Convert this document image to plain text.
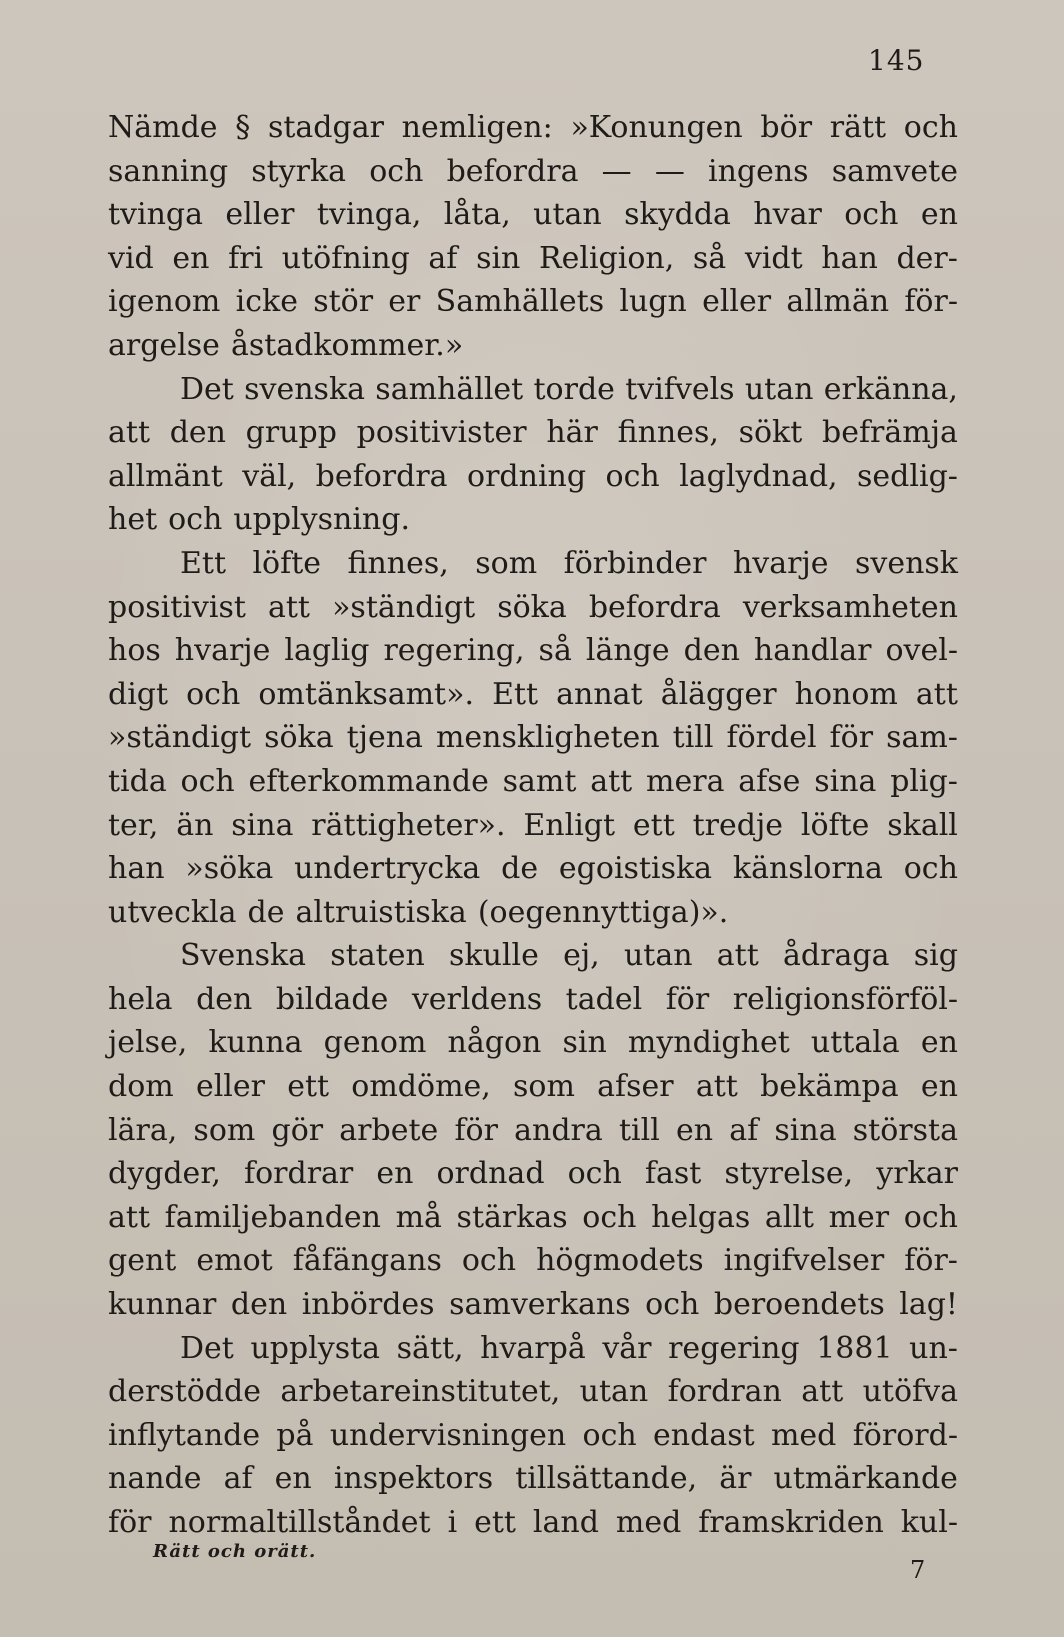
145
Nämde § stadgar nemligen: »Konungen bör rätt och
sanning styrka och befordra — — ingens samvete
tvinga eller tvinga, låta, utan skydda hvar och en
vid en fri utöfning af sin Religion, så vidt han der-
igenom icke stör er Samhällets lugn eller allmän för-
argelse åstadkommer.»
Det svenska samhället torde tvifvels utan erkänna,
att den grupp positivister här finnes, sökt befrämja
allmänt väl, befordra ordning och laglydnad, sedlig-
het och upplysning.
Ett löfte finnes, som förbinder hvarje svensk
positivist att »ständigt söka befordra verksamheten
hos hvarje laglig regering, så länge den handlar ovel-
digt och omtänksamt». Ett annat ålägger honom att
»ständigt söka tjena menskligheten till fördel för sam-
tida och efterkommande samt att mera afse sina plig-
ter, än sina rättigheter». Enligt ett tredje löfte skall
han »söka undertrycka de egoistiska känslorna och
utveckla de altruistiska (oegennyttiga)».
Svenska staten skulle ej, utan att ådraga sig
hela den bildade verldens tadel för religionsförföl-
jelse, kunna genom någon sin myndighet uttala en
dom eller ett omdöme, som afser att bekämpa en
lära, som gör arbete för andra till en af sina största
dygder, fordrar en ordnad och fast styrelse, yrkar
att familjebanden må stärkas och helgas allt mer och
gent emot fåfängans och högmodets ingifvelser för-
kunnar den inbördes samverkans och beroendets lag!
Det upplysta sätt, hvarpå vår regering 1881 un-
derstödde arbetareinstitutet, utan fordran att utöfva
inflytande på undervisningen och endast med förord-
nande af en inspektors tillsättande, är utmärkande
för normaltillståndet i ett land med framskriden kul-
Rätt och orätt.
7
